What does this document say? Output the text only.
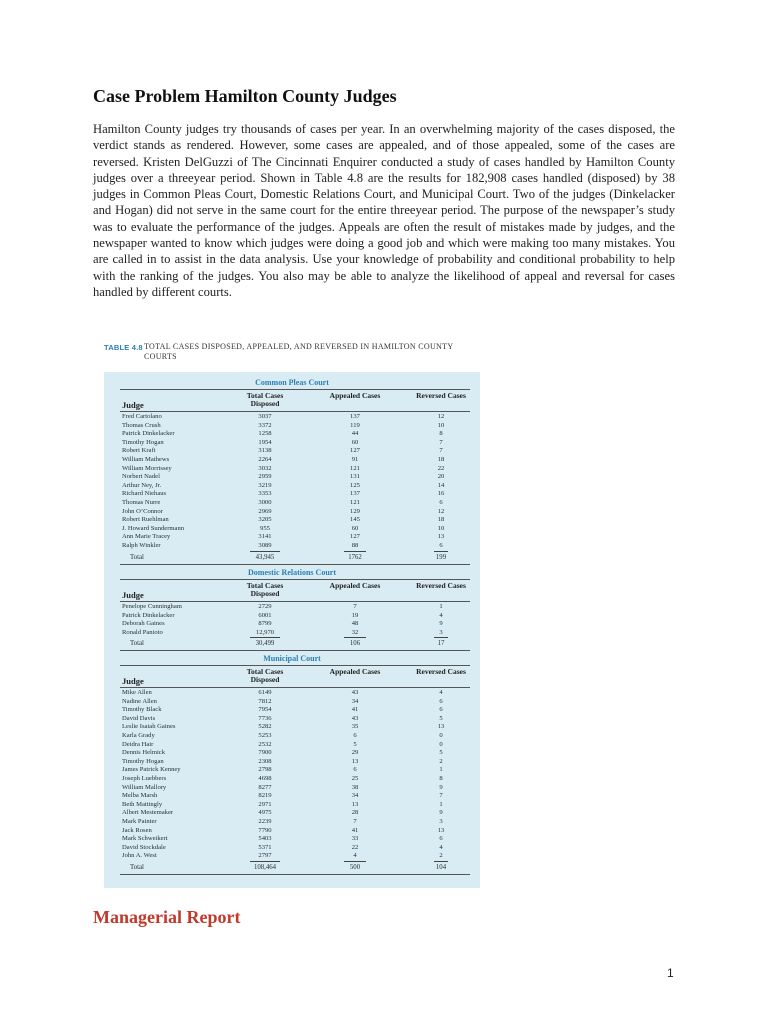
Case Problem Hamilton County Judges

Hamilton County judges try thousands of cases per year. In an overwhelming majority of the cases disposed, the verdict stands as rendered. However, some cases are appealed, and of those appealed, some of the cases are reversed. Kristen DelGuzzi of The Cincinnati Enquirer conducted a study of cases handled by Hamilton County judges over a threeyear period. Shown in Table 4.8 are the results for 182,908 cases handled (disposed) by 38 judges in Common Pleas Court, Domestic Relations Court, and Municipal Court. Two of the judges (Dinkelacker and Hogan) did not serve in the same court for the entire threeyear period. The purpose of the newspaper’s study was to evaluate the performance of the judges. Appeals are often the result of mistakes made by judges, and the newspaper wanted to know which judges were doing a good job and which were making too many mistakes. You are called in to assist in the data analysis. Use your knowledge of probability and conditional probability to help with the ranking of the judges. You also may be able to analyze the likelihood of appeal and reversal for cases handled by different courts.

TABLE 4.8 TOTAL CASES DISPOSED, APPEALED, AND REVERSED IN HAMILTON COUNTY COURTS
Common Pleas Court
Judge
Total Cases Disposed
Appealed Cases	Reversed Cases
Fred Cartolano	3037	137	12
Thomas Crush	3372	119	10
Patrick Dinkelacker	1258	44	8
Timothy Hogan	1954	60	7
Robert Kraft	3138	127	7
William Mathews	2264	91	18
William Morrissey	3032	121	22
Norbert Nadel	2959	131	20
Arthur Ney, Jr.	3219	125	14
Richard Niehaus	3353	137	16
Thomas Nurre	3000	121	6
John O’Connor	2969	129	12
Robert Ruehlman	3205	145	18
J. Howard Sundermann	955	60	10
Ann Marie Tracey	3141	127	13
Ralph Winkler	3089	88	6
Total	43,945	1762	199
Domestic Relations Court
Judge
Total Cases Disposed
Appealed Cases	Reversed Cases
Penelope Cunningham	2729	7	1
Patrick Dinkelacker	6001	19	4
Deborah Gaines	8799	48	9
Ronald Panioto	12,970	32	3
Total	30,499	106	17
Municipal Court
Judge
Total Cases Disposed
Appealed Cases	Reversed Cases
Mike Allen	6149	43	4
Nadine Allen	7812	34	6
Timothy Black	7954	41	6
David Davis	7736	43	5
Leslie Isaiah Gaines	5282	35	13
Karla Grady	5253	6	0
Deidra Hair	2532	5	0
Dennis Helmick	7900	29	5
Timothy Hogan	2308	13	2
James Patrick Kenney	2798	6	1
Joseph Luebbers	4698	25	8
William Mallory	8277	38	9
Melba Marsh	8219	34	7
Beth Mattingly	2971	13	1
Albert Mestemaker	4975	28	9
Mark Painter	2239	7	3
Jack Rosen	7790	41	13
Mark Schweikert	5403	33	6
David Stockdale	5371	22	4
John A. West	2797	4	2
Total	108,464	500	104
Managerial Report
1
